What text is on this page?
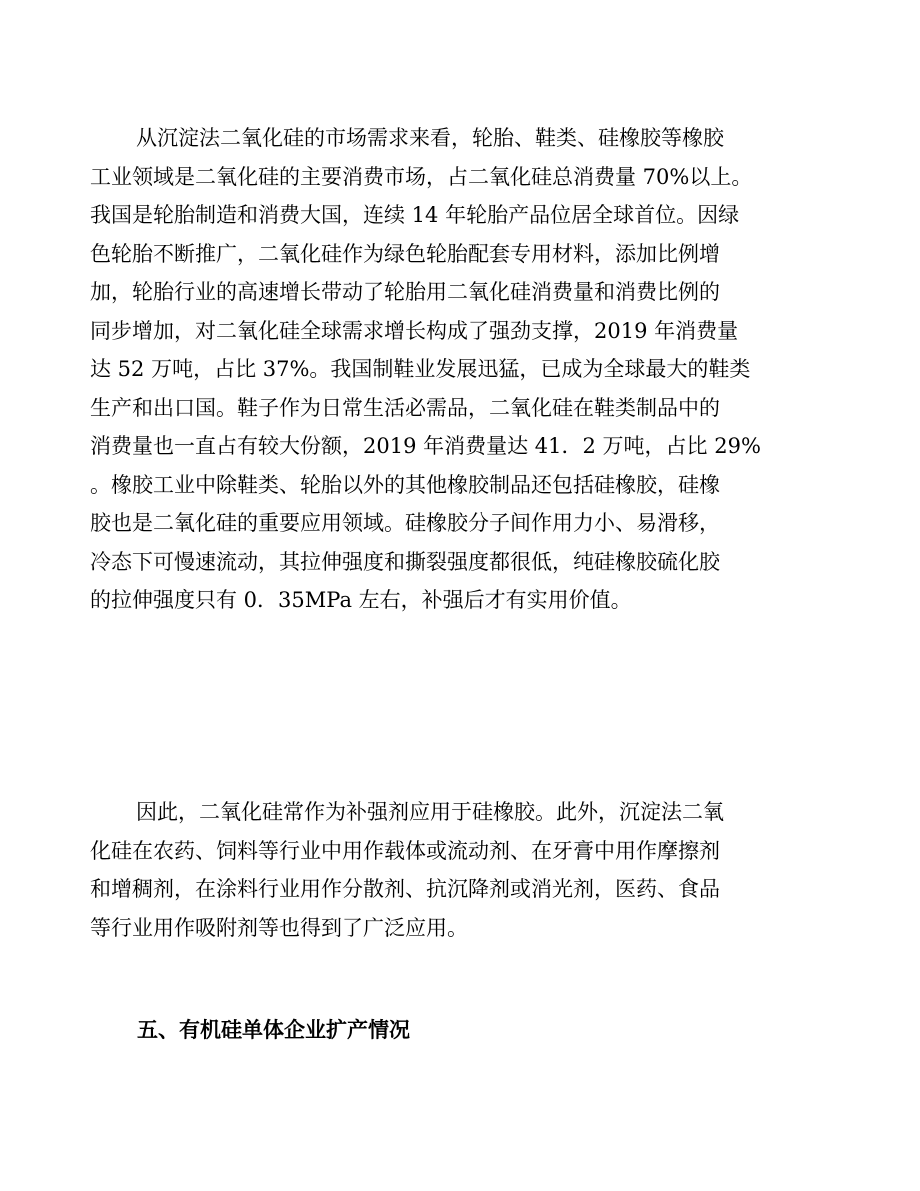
从沉淀法二氧化硅的市场需求来看，轮胎、鞋类、硅橡胶等橡胶
工业领域是二氧化硅的主要消费市场，占二氧化硅总消费量 70%以上。
我国是轮胎制造和消费大国，连续 14 年轮胎产品位居全球首位。因绿
色轮胎不断推广，二氧化硅作为绿色轮胎配套专用材料，添加比例增
加，轮胎行业的高速增长带动了轮胎用二氧化硅消费量和消费比例的
同步增加，对二氧化硅全球需求增长构成了强劲支撑，2019 年消费量
达 52 万吨，占比 37%。我国制鞋业发展迅猛，已成为全球最大的鞋类
生产和出口国。鞋子作为日常生活必需品，二氧化硅在鞋类制品中的
消费量也一直占有较大份额，2019 年消费量达 41．2 万吨，占比 29%
。橡胶工业中除鞋类、轮胎以外的其他橡胶制品还包括硅橡胶，硅橡
胶也是二氧化硅的重要应用领域。硅橡胶分子间作用力小、易滑移，
冷态下可慢速流动，其拉伸强度和撕裂强度都很低，纯硅橡胶硫化胶
的拉伸强度只有 0．35MPa 左右，补强后才有实用价值。
因此，二氧化硅常作为补强剂应用于硅橡胶。此外，沉淀法二氧
化硅在农药、饲料等行业中用作载体或流动剂、在牙膏中用作摩擦剂
和增稠剂，在涂料行业用作分散剂、抗沉降剂或消光剂，医药、食品
等行业用作吸附剂等也得到了广泛应用。
五、有机硅单体企业扩产情况
